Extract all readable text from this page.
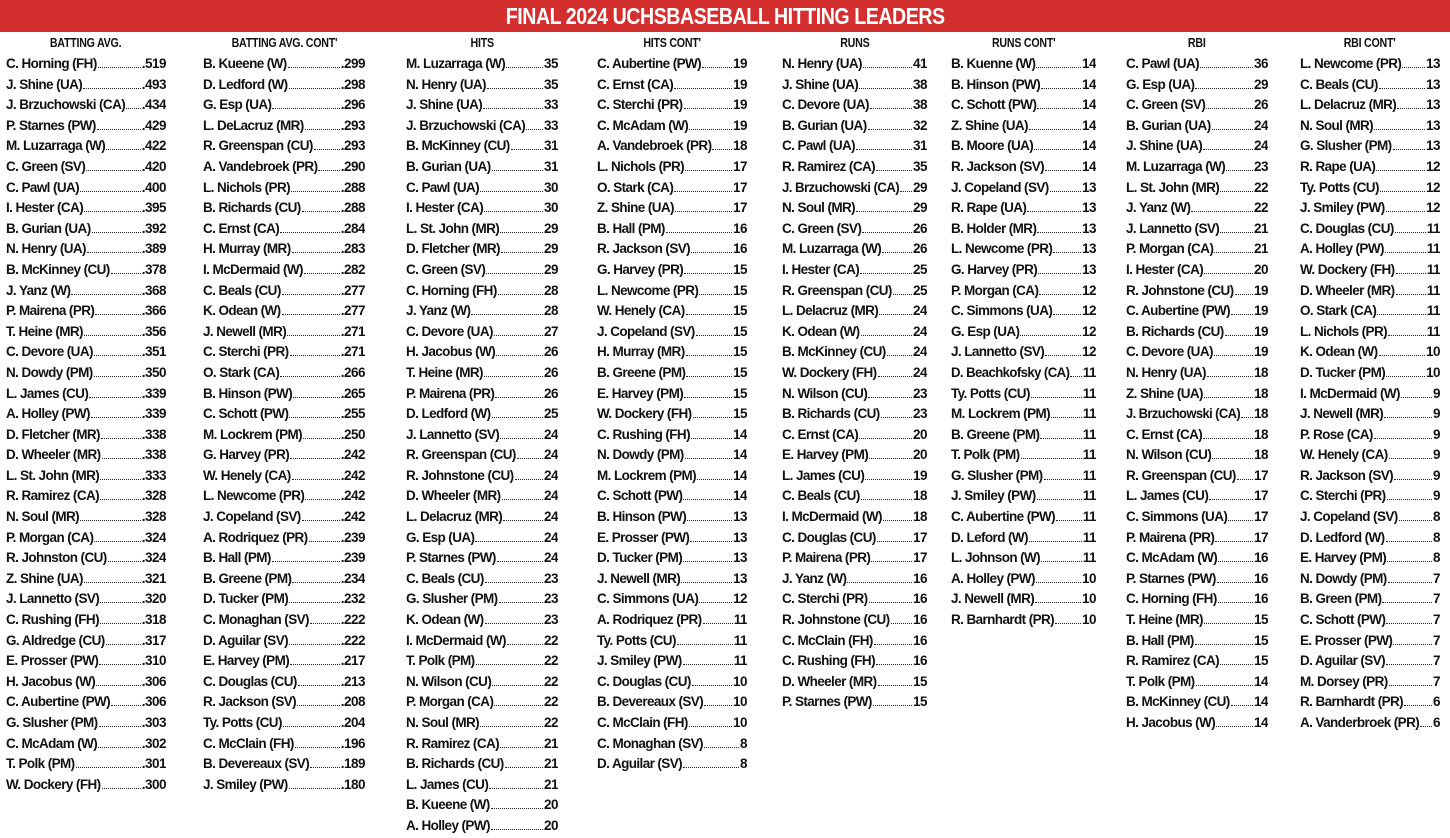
FINAL 2024 UCHSBASEBALL HITTING LEADERS
BATTING AVG.
C. Horning (FH)	.519
J. Shine (UA)	.493
J. Brzuchowski (CA) .434
P. Starnes (PW)	.429
M. Luzarraga (W)	.422
C. Green (SV)	.420
C. Pawl (UA)	.400
I. Hester (CA)	.395
B. Gurian (UA)	.392
N. Henry (UA)	.389
B. McKinney (CU) .378
J. Yanz (W)	.368
P. Mairena (PR)	.366
T. Heine (MR)	.356
C. Devore (UA)	.351
N. Dowdy (PM)	.350
L. James (CU)	.339
A. Holley (PW)	.339
D. Fletcher (MR)	.338
D. Wheeler (MR)	.338
L. St. John (MR)	.333
R. Ramirez (CA)	.328
N. Soul (MR)	.328
P. Morgan (CA)	.324
R. Johnston (CU)	.324
Z. Shine (UA)	.321
J. Lannetto (SV)	.320
C. Rushing (FH)	.318
G. Aldredge (CU)	.317
E. Prosser (PW)	.310
H. Jacobus (W)	.306
C. Aubertine (PW) .306
G. Slusher (PM)	.303
C. McAdam (W)	.302
T. Polk (PM)	.301
W. Dockery (FH)	.300
BATTING AVG. CONT'
B. Kueene (W)	.299
D. Ledford (W)	.298
G. Esp (UA)	.296
L. DeLacruz (MR)	.293
R. Greenspan (CU) .293
A. Vandebroek (PR) .290
L. Nichols (PR)	.288
B. Richards (CU)	.288
C. Ernst (CA)	.284
H. Murray (MR)	.283
I. McDermaid (W)	.282
C. Beals (CU)	.277
K. Odean (W)	.277
J. Newell (MR)	.271
C. Sterchi (PR)	.271
O. Stark (CA)	.266
B. Hinson (PW)	.265
C. Schott (PW)	.255
M. Lockrem (PM)	.250
G. Harvey (PR)	.242
W. Henely (CA)	.242
L. Newcome (PR)	.242
J. Copeland (SV)	.242
A. Rodriquez (PR) .239
B. Hall (PM)	.239
B. Greene (PM)	.234
D. Tucker (PM)	.232
C. Monaghan (SV) .222
D. Aguilar (SV)	.222
E. Harvey (PM)	.217
C. Douglas (CU)	.213
R. Jackson (SV)	.208
Ty. Potts (CU)	.204
C. McClain (FH)	.196
B. Devereaux (SV) .189
J. Smiley (PW)	.180
HITS
M. Luzarraga (W)	35
N. Henry (UA)	35
J. Shine (UA)	33
J. Brzuchowski (CA) 33
B. McKinney (CU)	31
B. Gurian (UA)	31
C. Pawl (UA)	30
I. Hester (CA)	30
L. St. John (MR)	29
D. Fletcher (MR)	29
C. Green (SV)	29
C. Horning (FH)	28
J. Yanz (W)	28
C. Devore (UA)	27
H. Jacobus (W)	26
T. Heine (MR)	26
P. Mairena (PR)	26
D. Ledford (W)	25
J. Lannetto (SV)	24
R. Greenspan (CU) 24
R. Johnstone (CU) 24
D. Wheeler (MR)	24
L. Delacruz (MR)	24
G. Esp (UA)	24
P. Starnes (PW)	24
C. Beals (CU)	23
G. Slusher (PM)	23
K. Odean (W)	23
I. McDermaid (W)	22
T. Polk (PM)	22
N. Wilson (CU)	22
P. Morgan (CA)	22
N. Soul (MR)	22
R. Ramirez (CA)	21
B. Richards (CU)	21
L. James (CU)	21
B. Kueene (W)	20
A. Holley (PW)	20
HITS CONT'
C. Aubertine (PW) 19
C. Ernst (CA)	19
C. Sterchi (PR)	19
C. McAdam (W)	19
A. Vandebroek (PR) 18
L. Nichols (PR)	17
O. Stark (CA)	17
Z. Shine (UA)	17
B. Hall (PM)	16
R. Jackson (SV)	16
G. Harvey (PR)	15
L. Newcome (PR)	15
W. Henely (CA)	15
J. Copeland (SV)	15
H. Murray (MR)	15
B. Greene (PM)	15
E. Harvey (PM)	15
W. Dockery (FH)	15
C. Rushing (FH)	14
N. Dowdy (PM)	14
M. Lockrem (PM)	14
C. Schott (PW)	14
B. Hinson (PW)	13
E. Prosser (PW)	13
D. Tucker (PM)	13
J. Newell (MR)	13
C. Simmons (UA)	12
A. Rodriquez (PR) 11
Ty. Potts (CU)	11
J. Smiley (PW)	11
C. Douglas (CU)	10
B. Devereaux (SV) 10
C. McClain (FH)	10
C. Monaghan (SV)	8
D. Aguilar (SV)	8
RUNS
N. Henry (UA)	41
J. Shine (UA)	38
C. Devore (UA)	38
B. Gurian (UA)	32
C. Pawl (UA)	31
R. Ramirez (CA)	35
J. Brzuchowski (CA) 29
N. Soul (MR)	29
C. Green (SV)	26
M. Luzarraga (W) 26
I. Hester (CA)	25
R. Greenspan (CU) 25
L. Delacruz (MR)	24
K. Odean (W)	24
B. McKinney (CU) 24
W. Dockery (FH)	24
N. Wilson (CU)	23
B. Richards (CU) 23
C. Ernst (CA)	20
E. Harvey (PM)	20
L. James (CU)	19
C. Beals (CU)	18
I. McDermaid (W) 18
C. Douglas (CU)	17
P. Mairena (PR)	17
J. Yanz (W)	16
C. Sterchi (PR)	16
R. Johnstone (CU) 16
C. McClain (FH)	16
C. Rushing (FH)	16
D. Wheeler (MR)	15
P. Starnes (PW)	15
RUNS CONT'
B. Kuenne (W)	14
B. Hinson (PW)	14
C. Schott (PW)	14
Z. Shine (UA)	14
B. Moore (UA)	14
R. Jackson (SV)	14
J. Copeland (SV) 13
R. Rape (UA)	13
B. Holder (MR)	13
L. Newcome (PR) 13
G. Harvey (PR)	13
P. Morgan (CA)	12
C. Simmons (UA) 12
G. Esp (UA)	12
J. Lannetto (SV)	12
D. Beachkofsky (CA) 11
Ty. Potts (CU)	11
M. Lockrem (PM) 11
B. Greene (PM)	11
T. Polk (PM)	11
G. Slusher (PM)	11
J. Smiley (PW)	11
C. Aubertine (PW) 11
D. Leford (W)	11
L. Johnson (W)	11
A. Holley (PW)	10
J. Newell (MR)	10
R. Barnhardt (PR) 10
RBI
C. Pawl (UA)	36
G. Esp (UA)	29
C. Green (SV)	26
B. Gurian (UA)	24
J. Shine (UA)	24
M. Luzarraga (W) 23
L. St. John (MR)	22
J. Yanz (W)	22
J. Lannetto (SV)	21
P. Morgan (CA)	21
I. Hester (CA)	20
R. Johnstone (CU) 19
C. Aubertine (PW) 19
B. Richards (CU) 19
C. Devore (UA)	19
N. Henry (UA)	18
Z. Shine (UA)	18
J. Brzuchowski (CA) 18
C. Ernst (CA)	18
N. Wilson (CU)	18
R. Greenspan (CU) 17
L. James (CU)	17
C. Simmons (UA) 17
P. Mairena (PR)	17
C. McAdam (W)	16
P. Starnes (PW)	16
C. Horning (FH)	16
T. Heine (MR)	15
B. Hall (PM)	15
R. Ramirez (CA)	15
T. Polk (PM)	14
B. McKinney (CU) 14
H. Jacobus (W)	14
RBI CONT'
L. Newcome (PR) 13
C. Beals (CU)	13
L. Delacruz (MR) 13
N. Soul (MR)	13
G. Slusher (PM)	13
R. Rape (UA)	12
Ty. Potts (CU)	12
J. Smiley (PW)	12
C. Douglas (CU) 11
A. Holley (PW)	11
W. Dockery (FH) 11
D. Wheeler (MR) 11
O. Stark (CA)	11
L. Nichols (PR)	11
K. Odean (W)	10
D. Tucker (PM)	10
I. McDermaid (W) 9
J. Newell (MR)	9
P. Rose (CA)	9
W. Henely (CA)	9
R. Jackson (SV)	9
C. Sterchi (PR)	9
J. Copeland (SV)	8
D. Ledford (W)	8
E. Harvey (PM)	8
N. Dowdy (PM)	7
B. Green (PM)	7
C. Schott (PW)	7
E. Prosser (PW)	7
D. Aguilar (SV)	7
M. Dorsey (PR)	7
R. Barnhardt (PR) 6
A. Vanderbroek (PR) 6
